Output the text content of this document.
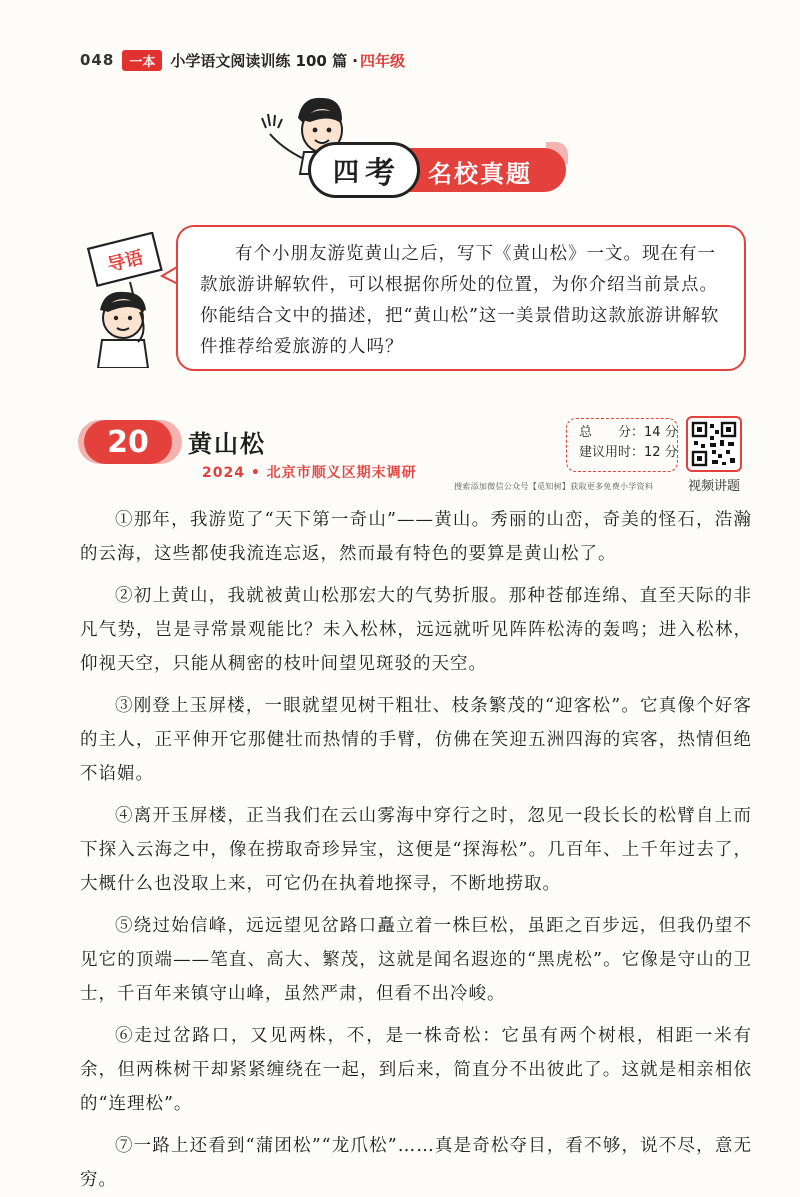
048	一本	小学语文阅读训练 100 篇 · 四年级
四 考 名校真题
导语	有个小朋友游览黄山之后，写下《黄山松》一文。现在有一款旅游讲解软件，可以根据你所处的位置，为你介绍当前景点。你能结合文中的描述，把“黄山松”这一美景借助这款旅游讲解软件推荐给爱旅游的人吗？

20	黄山松
2024 • 北京市顺义区期末调研
总　　分：14 分
建议用时：12 分
视频讲题
搜索添加微信公众号【觅知树】获取更多免费小学资料

①那年，我游览了“天下第一奇山”——黄山。秀丽的山峦，奇美的怪石，浩瀚的云海，这些都使我流连忘返，然而最有特色的要算是黄山松了。

②初上黄山，我就被黄山松那宏大的气势折服。那种苍郁连绵、直至天际的非凡气势，岂是寻常景观能比？未入松林，远远就听见阵阵松涛的轰鸣；进入松林，仰视天空，只能从稠密的枝叶间望见斑驳的天空。

③刚登上玉屏楼，一眼就望见树干粗壮、枝条繁茂的“迎客松”。它真像个好客的主人，正平伸开它那健壮而热情的手臂，仿佛在笑迎五洲四海的宾客，热情但绝不谄媚。

④离开玉屏楼，正当我们在云山雾海中穿行之时，忽见一段长长的松臂自上而下探入云海之中，像在捞取奇珍异宝，这便是“探海松”。几百年、上千年过去了，大概什么也没取上来，可它仍在执着地探寻，不断地捞取。

⑤绕过始信峰，远远望见岔路口矗立着一株巨松，虽距之百步远，但我仍望不见它的顶端——笔直、高大、繁茂，这就是闻名遐迩的“黑虎松”。它像是守山的卫士，千百年来镇守山峰，虽然严肃，但看不出冷峻。

⑥走过岔路口，又见两株，不，是一株奇松：它虽有两个树根，相距一米有余，但两株树干却紧紧缠绕在一起，到后来，简直分不出彼此了。这就是相亲相依的“连理松”。

⑦一路上还看到“蒲团松”“龙爪松”……真是奇松夺目，看不够，说不尽，意无穷。
